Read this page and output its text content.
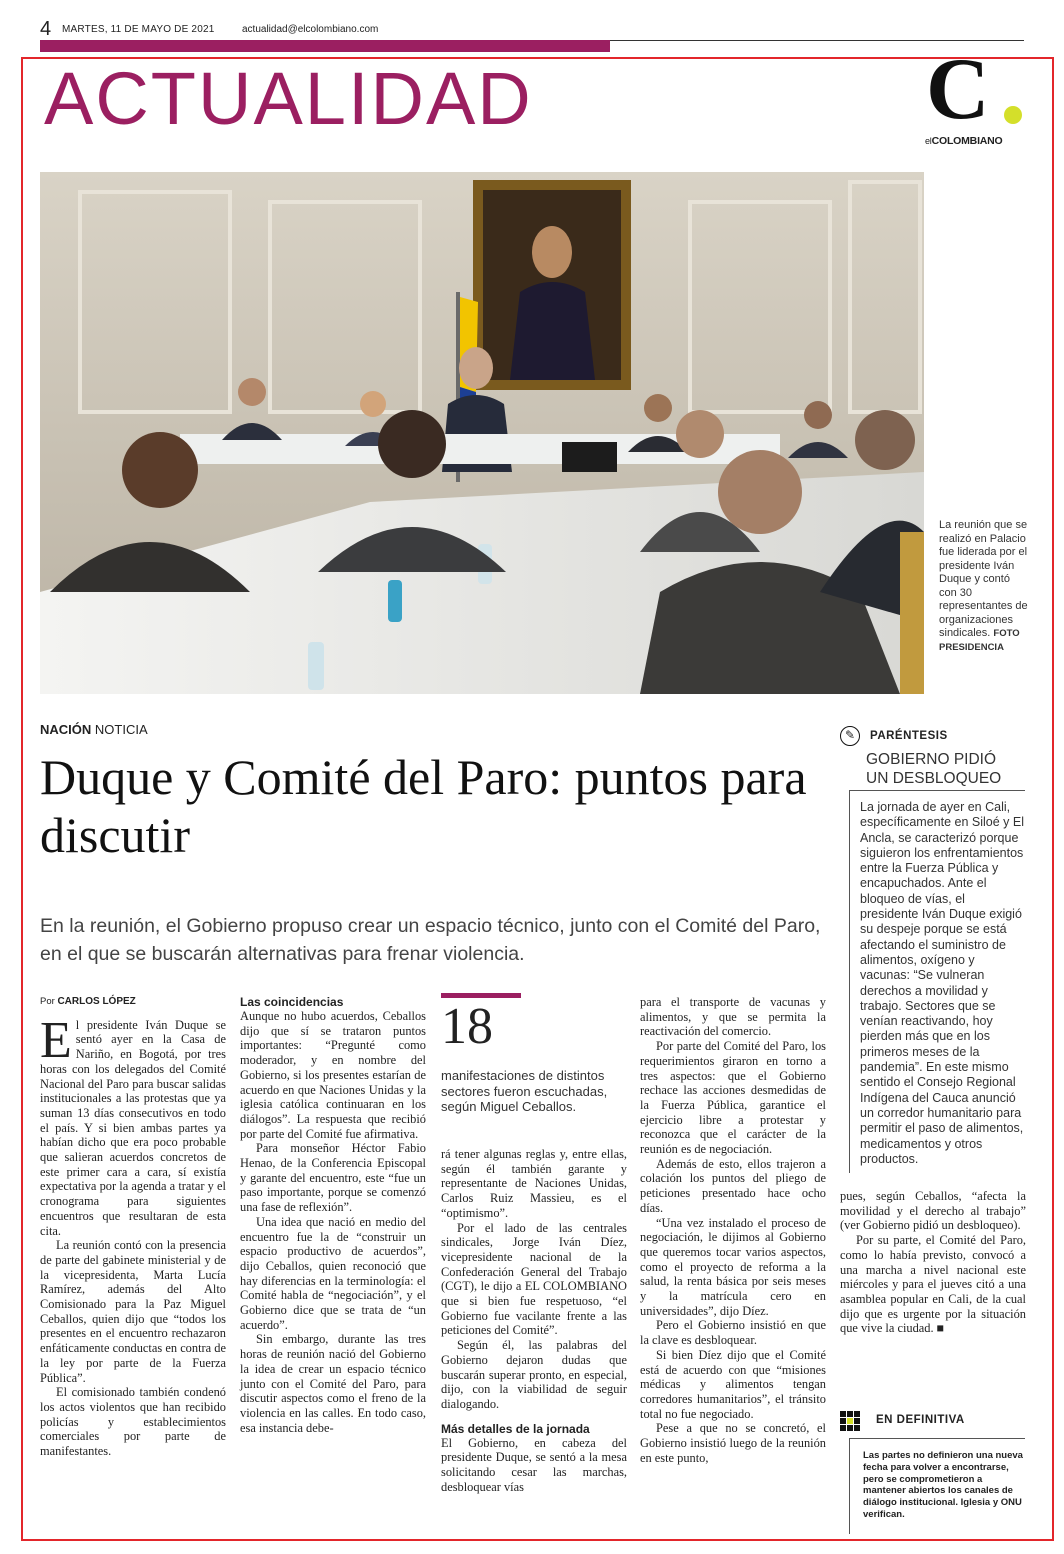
4 MARTES, 11 DE MAYO DE 2021	actualidad@elcolombiano.com
ACTUALIDAD	C
elCOLOMBIANO
La reunión que se realizó en Palacio fue liderada por el presidente Iván Duque y contó con 30 representantes de organizaciones sindicales. FOTO PRESIDENCIA
NACIÓN NOTICIA
Duque y Comité del Paro: puntos para discutir
En la reunión, el Gobierno propuso crear un espacio técnico, junto con el Comité del Paro, en el que se buscarán alternativas para frenar violencia.

Por CARLOS LÓPEZ

El presidente Iván Duque se sentó ayer en la Casa de Nariño, en Bogotá, por tres horas con los delegados del Comité Nacional del Paro para buscar salidas institucionales a las protestas que ya suman 13 días consecutivos en todo el país. Y si bien ambas partes ya habían dicho que era poco probable que salieran acuerdos concretos de este primer cara a cara, sí existía expectativa por la agenda a tratar y el cronograma para siguientes encuentros que resultaran de esta cita.

La reunión contó con la presencia de parte del gabinete ministerial y de la vicepresidenta, Marta Lucía Ramírez, además del Alto Comisionado para la Paz Miguel Ceballos, quien dijo que “todos los presentes en el encuentro rechazaron enfáticamente conductas en contra de la ley por parte de la Fuerza Pública”.

El comisionado también condenó los actos violentos que han recibido policías y establecimientos comerciales por parte de manifestantes.

Las coincidencias

Aunque no hubo acuerdos, Ceballos dijo que sí se trataron puntos importantes: “Pregunté como moderador, y en nombre del Gobierno, si los presentes estarían de acuerdo en que Naciones Unidas y la iglesia católica continuaran en los diálogos”. La respuesta que recibió por parte del Comité fue afirmativa.

Para monseñor Héctor Fabio Henao, de la Conferencia Episcopal y garante del encuentro, este “fue un paso importante, porque se comenzó una fase de reflexión”.

Una idea que nació en medio del encuentro fue la de “construir un espacio productivo de acuerdos”, dijo Ceballos, quien reconoció que hay diferencias en la terminología: el Comité habla de “negociación”, y el Gobierno dice que se trata de “un acuerdo”.

Sin embargo, durante las tres horas de reunión nació del Gobierno la idea de crear un espacio técnico junto con el Comité del Paro, para discutir aspectos como el freno de la violencia en las calles. En todo caso, esa instancia debe-

18
manifestaciones de distintos sectores fueron escuchadas, según Miguel Ceballos.

rá tener algunas reglas y, entre ellas, según él también garante y representante de Naciones Unidas, Carlos Ruiz Massieu, es el “optimismo”.

Por el lado de las centrales sindicales, Jorge Iván Díez, vicepresidente nacional de la Confederación General del Trabajo (CGT), le dijo a EL COLOMBIANO que si bien fue respetuoso, “el Gobierno fue vacilante frente a las peticiones del Comité”.

Según él, las palabras del Gobierno dejaron dudas que buscarán superar pronto, en especial, dijo, con la viabilidad de seguir dialogando.

Más detalles de la jornada

El Gobierno, en cabeza del presidente Duque, se sentó a la mesa solicitando cesar las marchas, desbloquear vías

para el transporte de vacunas y alimentos, y que se permita la reactivación del comercio.

Por parte del Comité del Paro, los requerimientos giraron en torno a tres aspectos: que el Gobierno rechace las acciones desmedidas de la Fuerza Pública, garantice el ejercicio libre a protestar y reconozca que el carácter de la reunión es de negociación.

Además de esto, ellos trajeron a colación los puntos del pliego de peticiones presentado hace ocho días.

“Una vez instalado el proceso de negociación, le dijimos al Gobierno que queremos tocar varios aspectos, como el proyecto de reforma a la salud, la renta básica por seis meses y la matrícula cero en universidades”, dijo Díez.

Pero el Gobierno insistió en que la clave es desbloquear.

Si bien Díez dijo que el Comité está de acuerdo con que “misiones médicas y alimentos tengan corredores humanitarios”, el tránsito total no fue negociado.

Pese a que no se concretó, el Gobierno insistió luego de la reunión en este punto,

✎	PARÉNTESIS
GOBIERNO PIDIÓ UN DESBLOQUEO
La jornada de ayer en Cali, específicamente en Siloé y El Ancla, se caracterizó porque siguieron los enfrentamientos entre la Fuerza Pública y encapuchados. Ante el bloqueo de vías, el presidente Iván Duque exigió su despeje porque se está afectando el suministro de alimentos, oxígeno y vacunas: “Se vulneran derechos a movilidad y trabajo. Sectores que se venían reactivando, hoy pierden más que en los primeros meses de la pandemia”. En este mismo sentido el Consejo Regional Indígena del Cauca anunció un corredor humanitario para permitir el paso de alimentos, medicamentos y otros productos.

pues, según Ceballos, “afecta la movilidad y el derecho al trabajo” (ver Gobierno pidió un desbloqueo).

Por su parte, el Comité del Paro, como lo había previsto, convocó a una marcha a nivel nacional este miércoles y para el jueves citó a una asamblea popular en Cali, de la cual dijo que es urgente por la situación que vive la ciudad. ■

EN DEFINITIVA
Las partes no definieron una nueva fecha para volver a encontrarse, pero se comprometieron a mantener abiertos los canales de diálogo institucional. Iglesia y ONU verifican.
